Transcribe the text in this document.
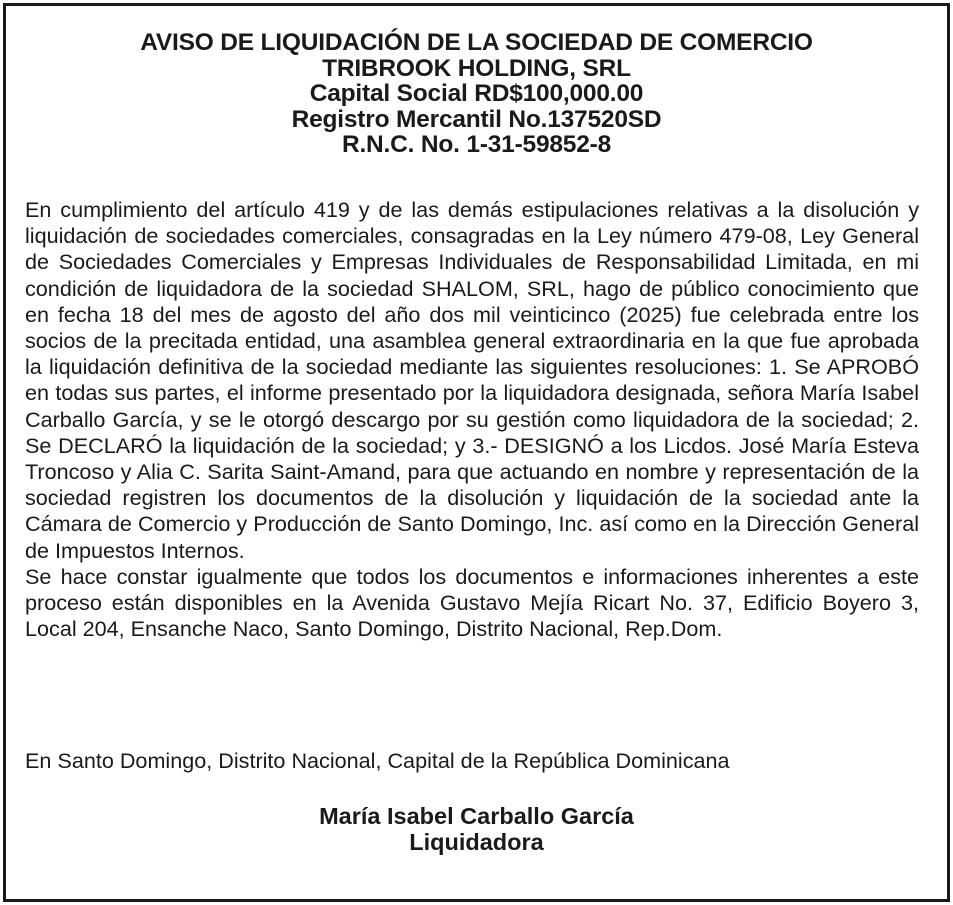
AVISO DE LIQUIDACIÓN DE LA SOCIEDAD DE COMERCIO
TRIBROOK HOLDING, SRL
Capital Social RD$100,000.00
Registro Mercantil No.137520SD
R.N.C. No. 1-31-59852-8

En cumplimiento del artículo 419 y de las demás estipulaciones relativas a la disolución y liquidación de sociedades comerciales, consagradas en la Ley número 479-08, Ley General de Sociedades Comerciales y Empresas Individuales de Responsabilidad Limitada, en mi condición de liquidadora de la sociedad SHALOM, SRL, hago de público conocimiento que en fecha 18 del mes de agosto del año dos mil veinticinco (2025) fue celebrada entre los socios de la precitada entidad, una asamblea general extraordinaria en la que fue aprobada la liquidación definitiva de la sociedad mediante las siguientes resoluciones: 1. Se APROBÓ en todas sus partes, el informe presentado por la liquidadora designada, señora María Isabel Carballo García, y se le otorgó descargo por su gestión como liquidadora de la sociedad; 2. Se DECLARÓ la liquidación de la sociedad; y 3.- DESIGNÓ a los Licdos. José María Esteva Troncoso y Alia C. Sarita Saint-Amand, para que actuando en nombre y representación de la sociedad registren los documentos de la disolución y liquidación de la sociedad ante la Cámara de Comercio y Producción de Santo Domingo, Inc. así como en la Dirección General de Impuestos Internos.

Se hace constar igualmente que todos los documentos e informaciones inherentes a este proceso están disponibles en la Avenida Gustavo Mejía Ricart No. 37, Edificio Boyero 3, Local 204, Ensanche Naco, Santo Domingo, Distrito Nacional, Rep.Dom.

En Santo Domingo, Distrito Nacional, Capital de la República Dominicana
María Isabel Carballo García
Liquidadora
